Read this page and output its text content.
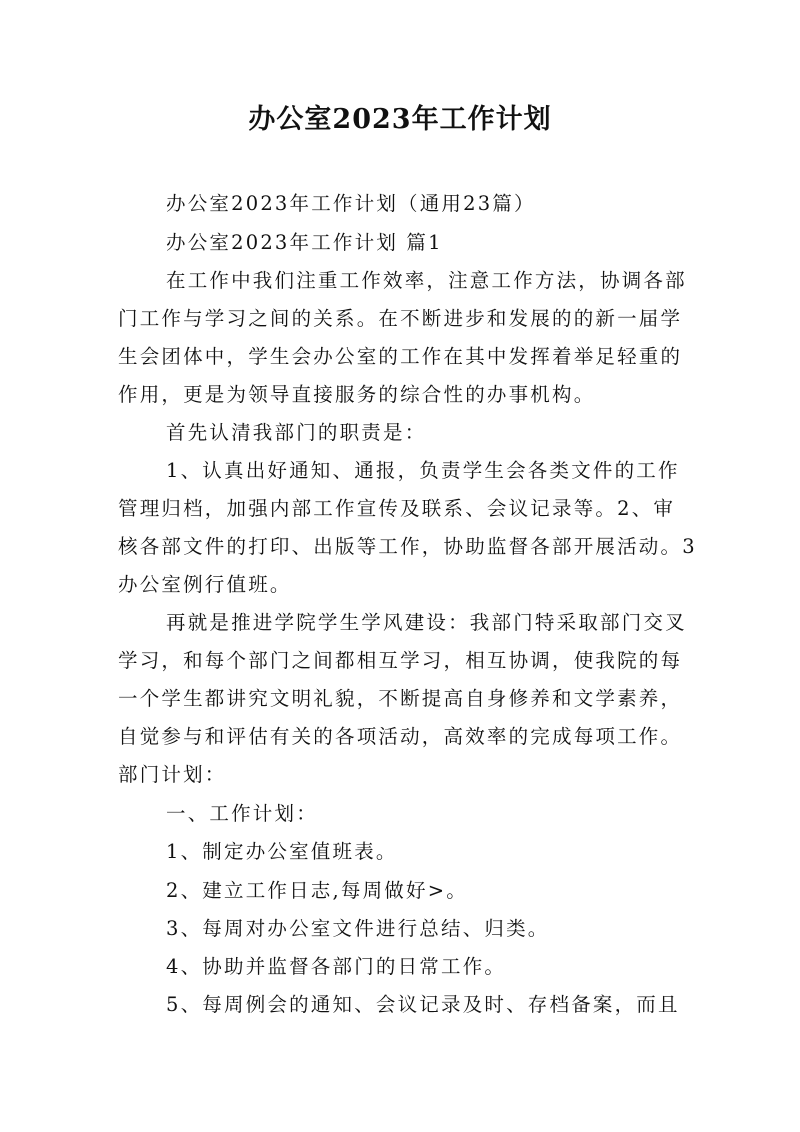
办公室2023年工作计划
办公室2023年工作计划（通用23篇）
办公室2023年工作计划 篇1
在工作中我们注重工作效率，注意工作方法，协调各部
门工作与学习之间的关系。在不断进步和发展的的新一届学
生会团体中，学生会办公室的工作在其中发挥着举足轻重的
作用，更是为领导直接服务的综合性的办事机构。
首先认清我部门的职责是：
1、认真出好通知、通报，负责学生会各类文件的工作
管理归档，加强内部工作宣传及联系、会议记录等。2、审
核各部文件的打印、出版等工作，协助监督各部开展活动。3
办公室例行值班。
再就是推进学院学生学风建设：我部门特采取部门交叉
学习，和每个部门之间都相互学习，相互协调，使我院的每
一个学生都讲究文明礼貌，不断提高自身修养和文学素养，
自觉参与和评估有关的各项活动，高效率的完成每项工作。
部门计划：
一、工作计划：
1、制定办公室值班表。
2、建立工作日志,每周做好>。
3、每周对办公室文件进行总结、归类。
4、协助并监督各部门的日常工作。
5、每周例会的通知、会议记录及时、存档备案，而且
